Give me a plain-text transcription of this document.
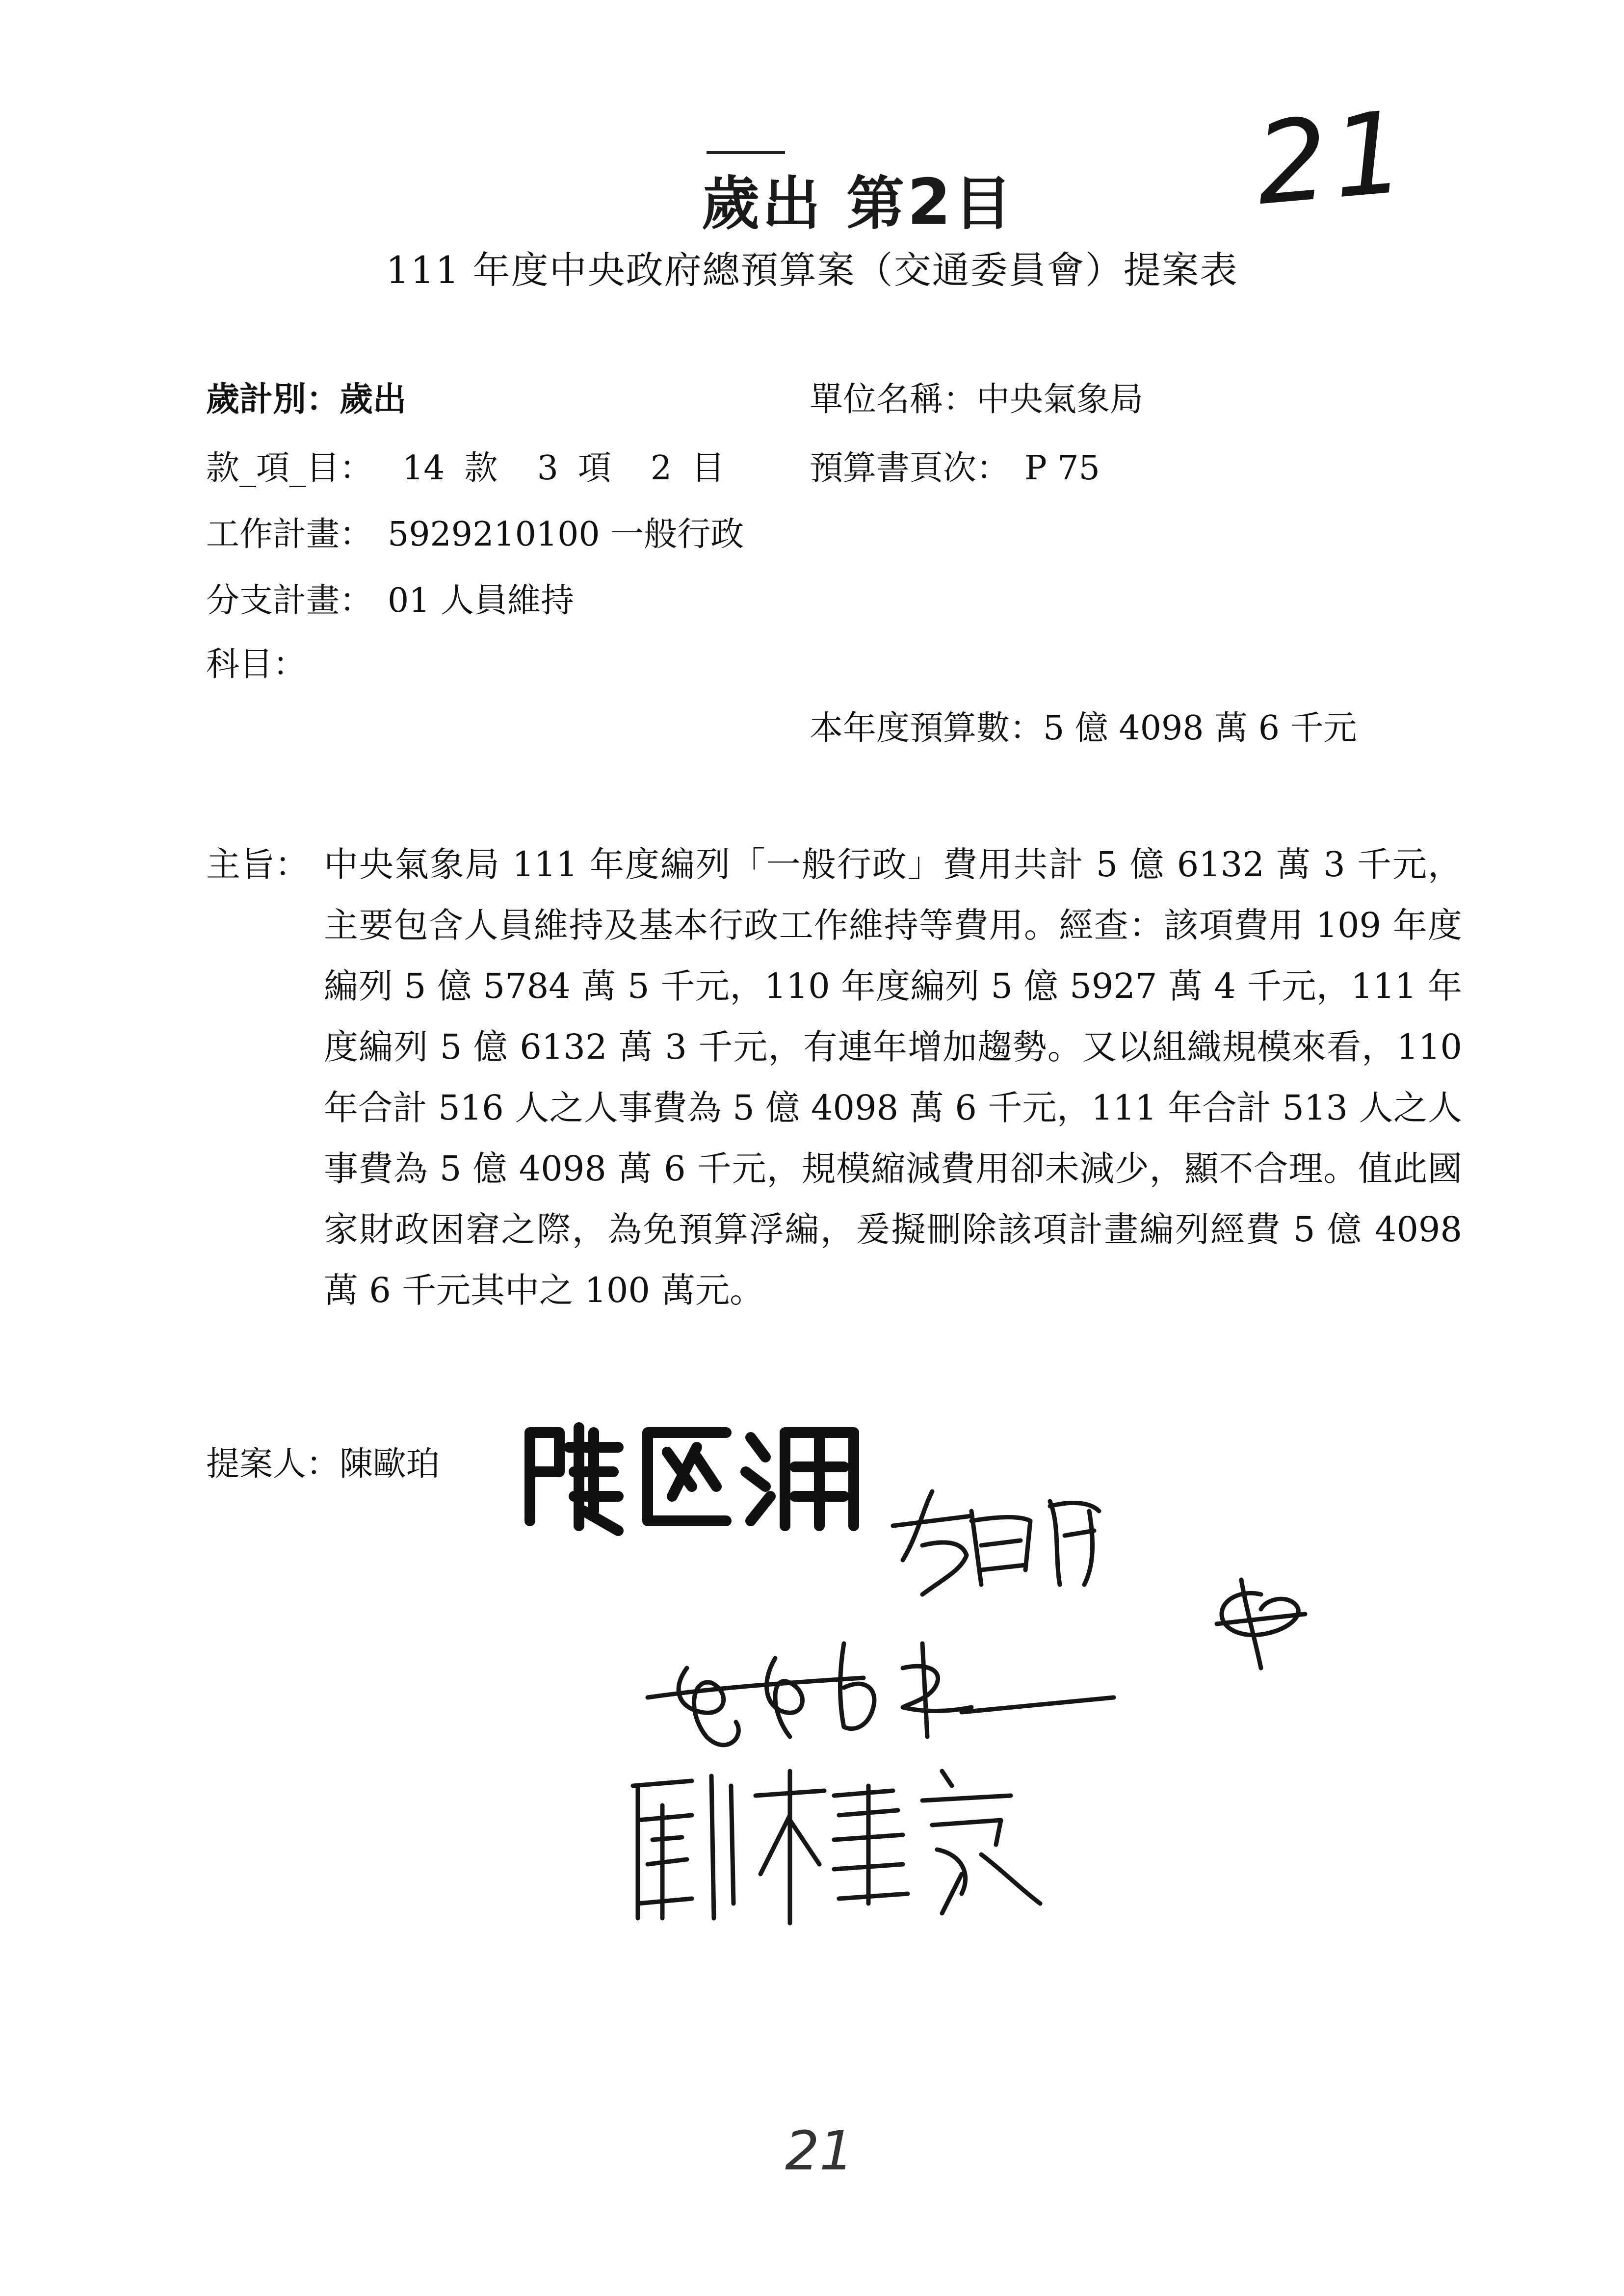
21
歲出 第2目
111 年度中央政府總預算案（交通委員會）提案表
歲計別：歲出
款_項_目： 14 款 3 項 2 目
工作計畫： 5929210100 一般行政
分支計畫： 01 人員維持
科目：
單位名稱：中央氣象局
預算書頁次： P 75
本年度預算數：5 億 4098 萬 6 千元
主旨： 中央氣象局 111 年度編列「一般行政」費用共計 5 億 6132 萬 3 千元，主要包含人員維持及基本行政工作維持等費用。經查：該項費用 109 年度編列 5 億 5784 萬 5 千元，110 年度編列 5 億 5927 萬 4 千元，111 年度編列 5 億 6132 萬 3 千元，有連年增加趨勢。又以組織規模來看，110 年合計 516 人之人事費為 5 億 4098 萬 6 千元，111 年合計 513 人之人事費為 5 億 4098 萬 6 千元，規模縮減費用卻未減少，顯不合理。值此國家財政困窘之際，為免預算浮編，爰擬刪除該項計畫編列經費 5 億 4098 萬 6 千元其中之 100 萬元。
提案人：陳歐珀
21
